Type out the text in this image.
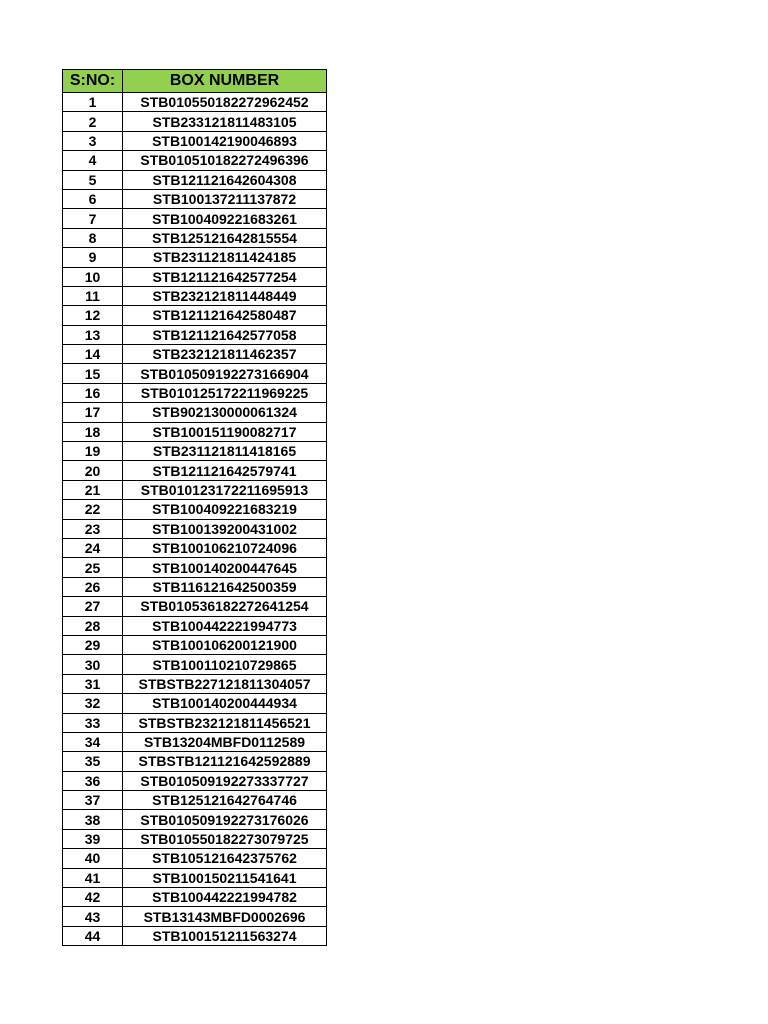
S:NO:	BOX NUMBER
1	STB010550182272962452
2	STB233121811483105
3	STB100142190046893
4	STB010510182272496396
5	STB121121642604308
6	STB100137211137872
7	STB100409221683261
8	STB125121642815554
9	STB231121811424185
10	STB121121642577254
11	STB232121811448449
12	STB121121642580487
13	STB121121642577058
14	STB232121811462357
15	STB010509192273166904
16	STB010125172211969225
17	STB902130000061324
18	STB100151190082717
19	STB231121811418165
20	STB121121642579741
21	STB010123172211695913
22	STB100409221683219
23	STB100139200431002
24	STB100106210724096
25	STB100140200447645
26	STB116121642500359
27	STB010536182272641254
28	STB100442221994773
29	STB100106200121900
30	STB100110210729865
31	STBSTB227121811304057
32	STB100140200444934
33	STBSTB232121811456521
34	STB13204MBFD0112589
35	STBSTB121121642592889
36	STB010509192273337727
37	STB125121642764746
38	STB010509192273176026
39	STB010550182273079725
40	STB105121642375762
41	STB100150211541641
42	STB100442221994782
43	STB13143MBFD0002696
44	STB100151211563274
